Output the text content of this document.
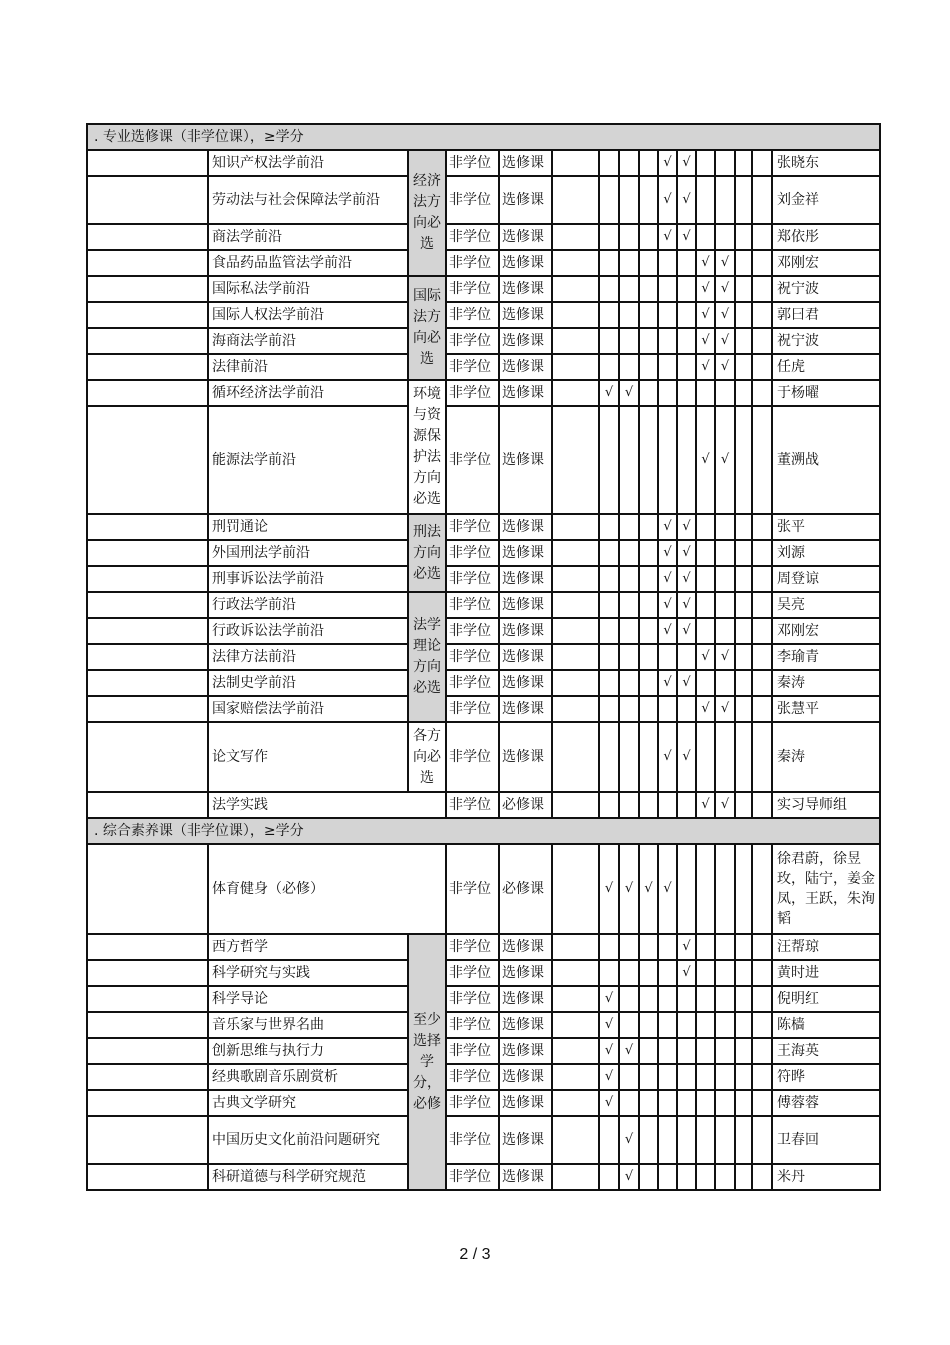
. 专业选修课（非学位课），≥学分															
	知识产权法学前沿	经济法方向必选	非学位	选修课					√	√					张晓东
	劳动法与社会保障法学前沿		非学位	选修课					√	√					刘金祥
	商法学前沿		非学位	选修课					√	√					郑依彤
	食品药品监管法学前沿		非学位	选修课							√	√			邓刚宏
	国际私法学前沿	国际法方向必选	非学位	选修课							√	√			祝宁波
	国际人权法学前沿		非学位	选修课							√	√			郭曰君
	海商法学前沿		非学位	选修课							√	√			祝宁波
	法律前沿		非学位	选修课							√	√			任虎
	循环经济法学前沿	环境与资源保护法方向必选	非学位	选修课		√	√								于杨曜
	能源法学前沿		非学位	选修课							√	√			董溯战
	刑罚通论	刑法方向必选	非学位	选修课					√	√					张平
	外国刑法学前沿		非学位	选修课					√	√					刘源
	刑事诉讼法学前沿		非学位	选修课					√	√					周登谅
	行政法学前沿	法学理论方向必选	非学位	选修课					√	√					吴亮
	行政诉讼法学前沿		非学位	选修课					√	√					邓刚宏
	法律方法前沿		非学位	选修课							√	√			李瑜青
	法制史学前沿		非学位	选修课					√	√					秦涛
	国家赔偿法学前沿		非学位	选修课							√	√			张慧平
	论文写作	各方向必选	非学位	选修课					√	√					秦涛
	法学实践		非学位	必修课							√	√			实习导师组
. 综合素养课（非学位课），≥学分															
	体育健身（必修）		非学位	必修课		√	√	√	√						徐君蔚，徐昱玫，陆宁，姜金凤，王跃，朱洵韬
	西方哲学	至少选择学分，必修	非学位	选修课						√					汪帮琼
	科学研究与实践		非学位	选修课						√					黄时进
	科学导论		非学位	选修课		√									倪明红
	音乐家与世界名曲		非学位	选修课		√									陈樯
	创新思维与执行力		非学位	选修课		√	√								王海英
	经典歌剧音乐剧赏析		非学位	选修课		√									符晔
	古典文学研究		非学位	选修课		√									傅蓉蓉
	中国历史文化前沿问题研究		非学位	选修课			√								卫春回
	科研道德与科学研究规范		非学位	选修课			√								米丹
2 / 3
